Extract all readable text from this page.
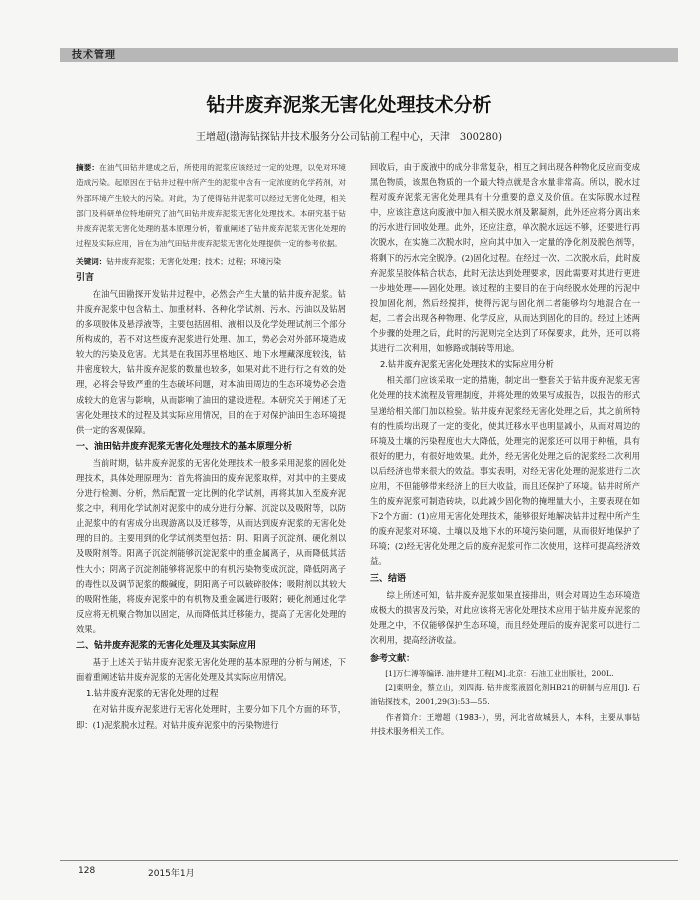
技术管理
钻井废弃泥浆无害化处理技术分析
王增超(渤海钻探钻井技术服务分公司钻前工程中心，天津　300280)

摘要：在油气田钻井建成之后，所使用的泥浆应该经过一定的处理，以免对环境造成污染。起原因在于钻井过程中所产生的泥浆中含有一定浓度的化学药剂，对外部环境产生较大的污染。对此，为了使得钻井泥浆可以经过无害化处理，相关部门及科研单位特地研究了油气田钻井废弃泥浆无害化处理技术。本研究基于钻井废弃泥浆无害化处理的基本原理分析，着重阐述了钻井废弃泥浆无害化处理的过程及实际应用，旨在为油气田钻井废弃泥浆无害化处理提供一定的参考依据。

关键词：钻井废弃泥浆；无害化处理；技术；过程；环境污染

引言

在油气田勘探开发钻井过程中，必然会产生大量的钻井废弃泥浆。钻井废弃泥浆中包含粘土、加重材料、各种化学试剂、污水、污油以及钻屑的多项胶体及悬浮液等，主要包括固相、液相以及化学处理试剂三个部分所构成的，若不对这些废弃泥浆进行处理、加工，势必会对外部环境造成较大的污染及危害。尤其是在我国苏里格地区、地下水埋藏深度较浅，钻井密度较大，钻井废弃泥浆的数量也较多，如果对此不进行行之有效的处理，必将会导致严重的生态破坏问题，对本油田周边的生态环境势必会造成较大的危害与影响，从而影响了油田的建设进程。本研究关于阐述了无害化处理技术的过程及其实际应用情况，目的在于对保护油田生态环境提供一定的客观保障。

一、油田钻井废弃泥浆无害化处理技术的基本原理分析

当前时期，钻井废弃泥浆的无害化处理技术一般多采用泥浆的固化处理技术，具体处理原理为：首先将油田的废弃泥浆取样，对其中的主要成分进行检测、分析，然后配置一定比例的化学试剂，再将其加入至废弃泥浆之中，利用化学试剂对泥浆中的成分进行分解、沉淀以及吸附等，以防止泥浆中的有害成分出现游离以及迁移等，从而达到废弃泥浆的无害化处理的目的。主要用到的化学试剂类型包括：阴、阳离子沉淀剂、硬化剂以及吸附剂等。阳离子沉淀剂能够沉淀泥浆中的重金属离子，从而降低其活性大小；阴离子沉淀剂能够将泥浆中的有机污染物变成沉淀，降低阴离子的毒性以及调节泥浆的酸碱度，阴阳离子可以破碎胶体；吸附剂以其较大的吸附性能，将废弃泥浆中的有机物及重金属进行吸附；硬化剂通过化学反应将无机聚合物加以固定，从而降低其迁移能力，提高了无害化处理的效果。

二、钻井废弃泥浆的无害化处理及其实际应用

基于上述关于钻井废弃泥浆无害化处理的基本原理的分析与阐述，下面着重阐述钻井废弃泥浆的无害化处理及其实际应用情况。

1.钻井废弃泥浆的无害化处理的过程

在对钻井废弃泥浆进行无害化处理时，主要分如下几个方面的环节，即：(1)泥浆脱水过程。对钻井废弃泥浆中的污染物进行

回收后，由于废液中的成分非常复杂，相互之间出现各种物化反应而变成黑色物质，该黑色物质的一个最大特点就是含水量非常高。所以，脱水过程对废弃泥浆无害化处理具有十分重要的意义及价值。在实际脱水过程中，应该注意这向废液中加入相关脱水剂及絮凝剂，此外还应将分离出来的污水进行回收处理。此外，还应注意，单次脱水远远不够，还要进行再次脱水，在实施二次脱水时，应向其中加入一定量的净化剂及脱色剂等，将剩下的污水完全脱净。(2)固化过程。在经过一次、二次脱水后，此时废弃泥浆呈胶体粘合状态，此时无法达到处理要求，因此需要对其进行更进一步地处理——固化处理。该过程的主要目的在于向经脱水处理的污泥中投加固化剂，然后经搅拌，使得污泥与固化剂二者能够均匀地混合在一起，二者会出现各种物理、化学反应，从而达到固化的目的。经过上述两个步骤的处理之后，此时的污泥则完全达到了环保要求，此外，还可以将其进行二次利用，如修路或制砖等用途。

2.钻井废弃泥浆无害化处理技术的实际应用分析

相关部门应该采取一定的措施，制定出一整套关于钻井废弃泥浆无害化处理的技术流程及管理制度，并将处理的效果写成报告，以报告的形式呈递给相关部门加以检验。钻井废弃泥浆经无害化处理之后，其之前所特有的性质均出现了一定的变化，使其迁移水平也明显减小，从而对周边的环境及土壤的污染程度也大大降低，处理完的泥浆还可以用于种植，具有很好的肥力，有很好地效果。此外，经无害化处理之后的泥浆经二次利用以后经济也带来很大的效益。事实表明，对经无害化处理的泥浆进行二次应用，不但能够带来经济上的巨大收益，而且还保护了环境。钻井时所产生的废弃泥浆可制造砖块，以此减少固化物的掩埋量大小，主要表现在如下2个方面：(1)应用无害化处理技术，能够很好地解决钻井过程中所产生的废弃泥浆对环境、土壤以及地下水的环境污染问题，从而很好地保护了环境；(2)经无害化处理之后的废弃泥浆可作二次使用，这样可提高经济效益。

三、结语

综上所述可知，钻井废弃泥浆如果直接排出，则会对周边生态环境造成极大的损害及污染，对此应该将无害化处理技术应用于钻井废弃泥浆的处理之中，不仅能够保护生态环境，而且经处理后的废弃泥浆可以进行二次利用，提高经济收益。

参考文献：

[1]万仁溥等编译. 油井建井工程[M].北京：石油工业出版社，200L.

[2]東明金，蔡立山，刘四海. 钻井废浆液固化剂HB21的研制与应用[J]. 石油钻探技术，2001,29(3):53—55.

作者简介：王增超（1983-），男，河北省故城县人，本科，主要从事钻井技术服务相关工作。

128	2015年1月
